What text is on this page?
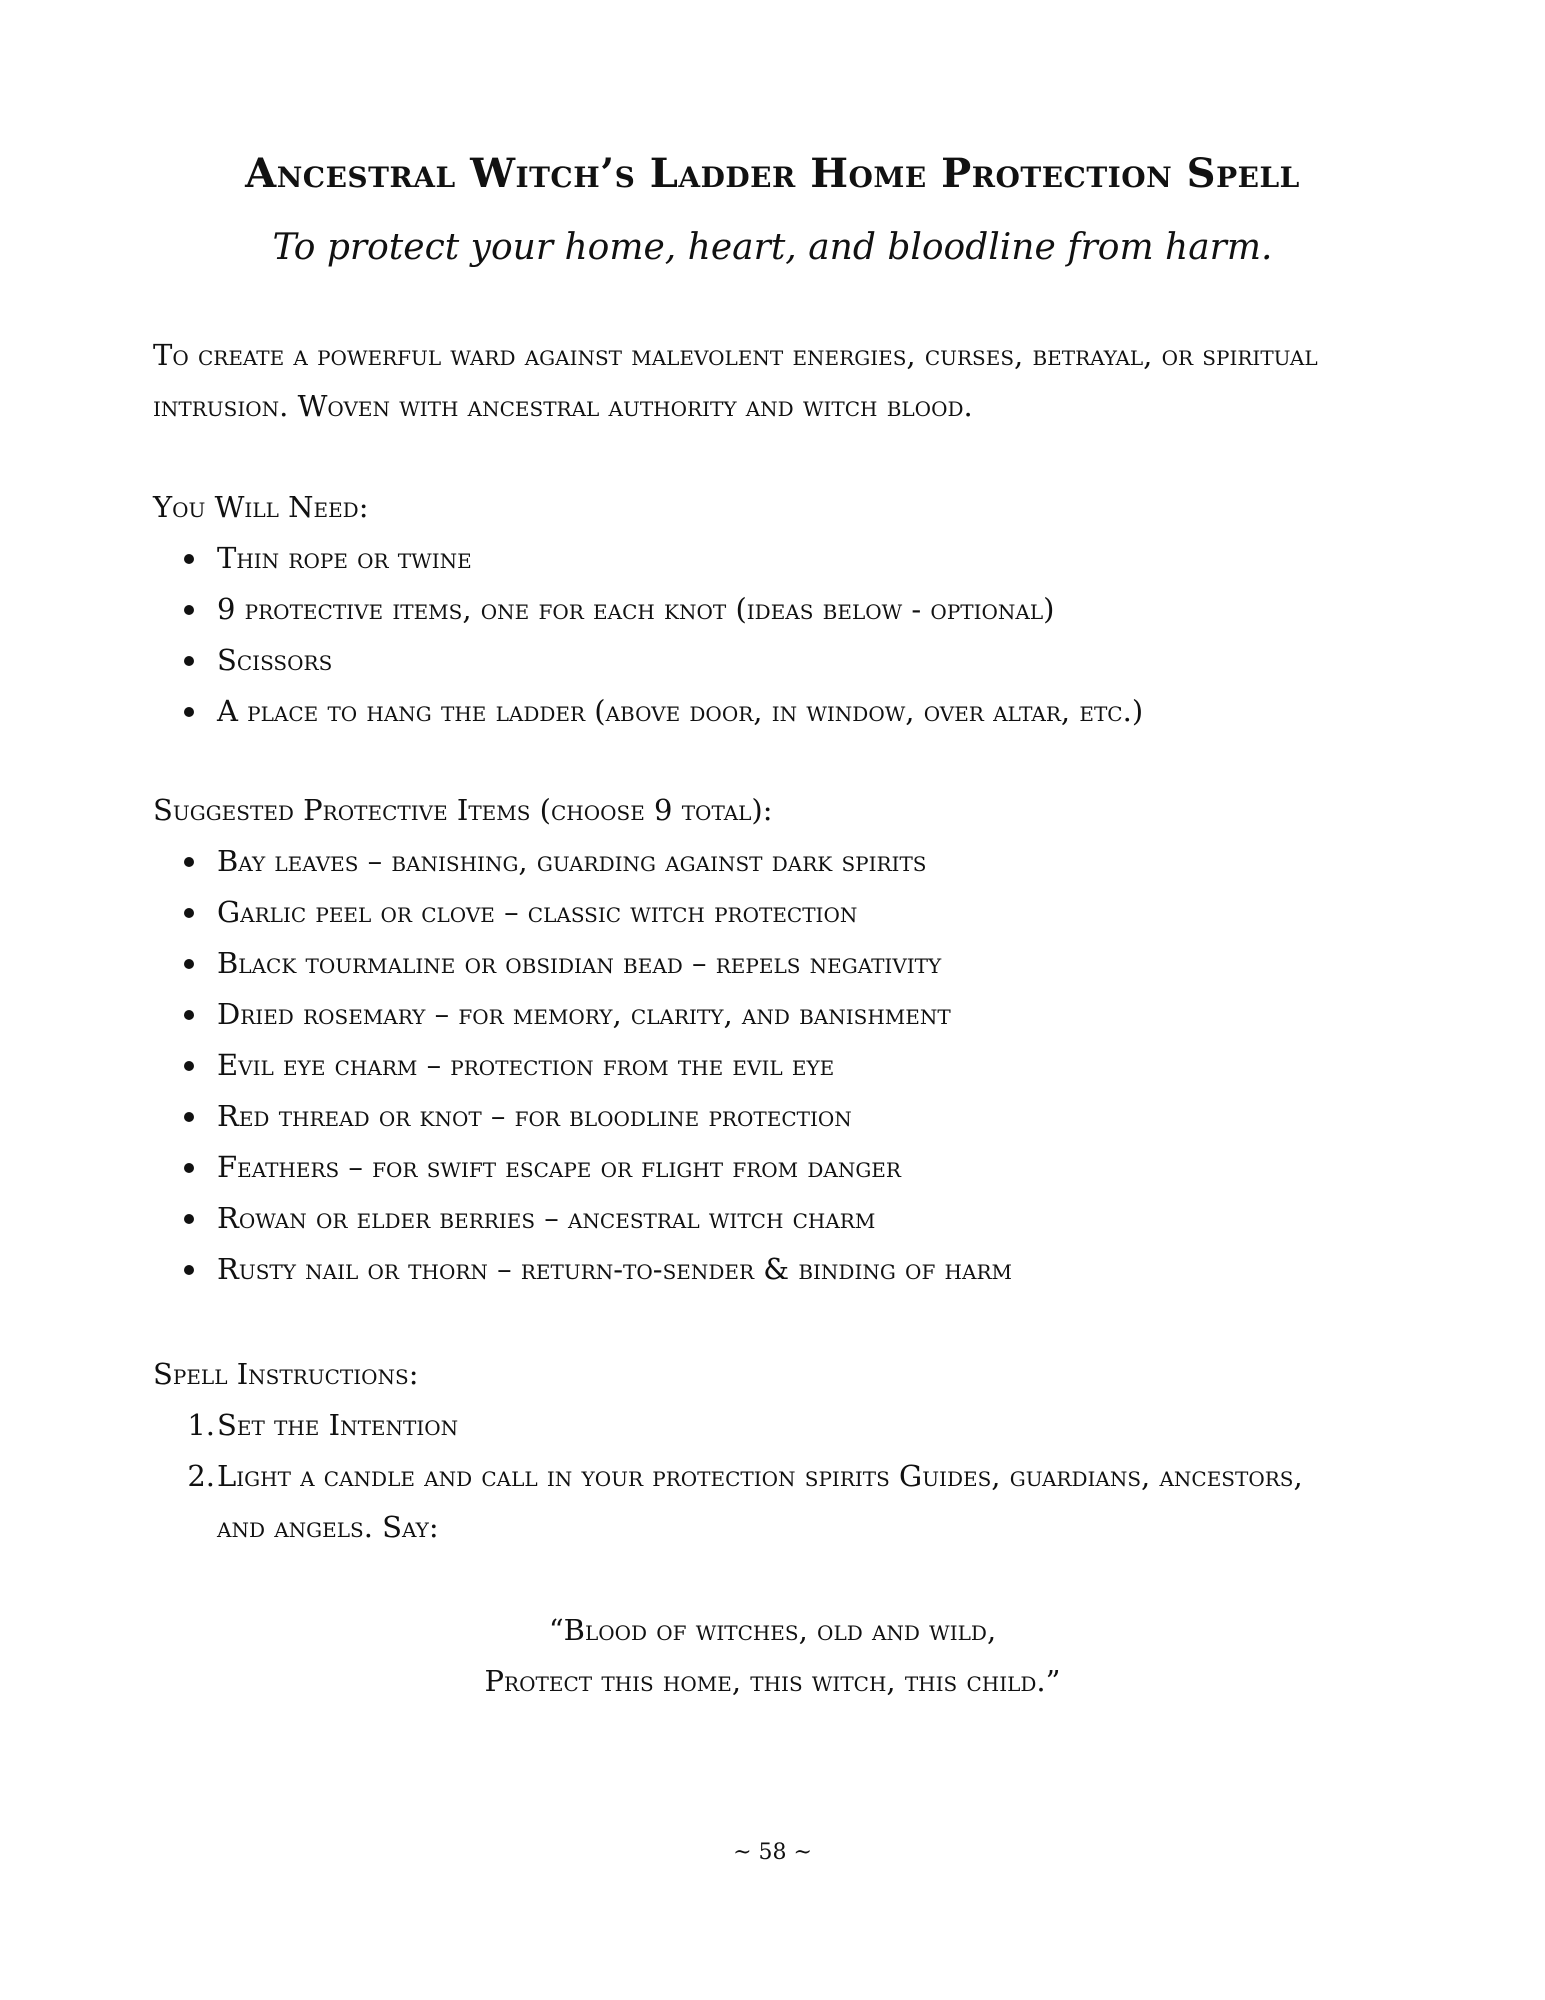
Ancestral Witch’s Ladder Home Protection Spell
To protect your home, heart, and bloodline from harm.
To create a powerful ward against malevolent energies, curses, betrayal, or spiritual intrusion. Woven with ancestral authority and witch blood.
You Will Need:
Thin rope or twine
9 protective items, one for each knot (ideas below - optional)
Scissors
A place to hang the ladder (above door, in window, over altar, etc.)
Suggested Protective Items (choose 9 total):
Bay leaves – banishing, guarding against dark spirits
Garlic peel or clove – classic witch protection
Black tourmaline or obsidian bead – repels negativity
Dried rosemary – for memory, clarity, and banishment
Evil eye charm – protection from the evil eye
Red thread or knot – for bloodline protection
Feathers – for swift escape or flight from danger
Rowan or elder berries – ancestral witch charm
Rusty nail or thorn – return-to-sender & binding of harm
Spell Instructions:
1. Set the Intention
2. Light a candle and call in your protection spirits Guides, guardians, ancestors, and angels. Say:
“Blood of witches, old and wild,
Protect this home, this witch, this child.”
~ 58 ~
